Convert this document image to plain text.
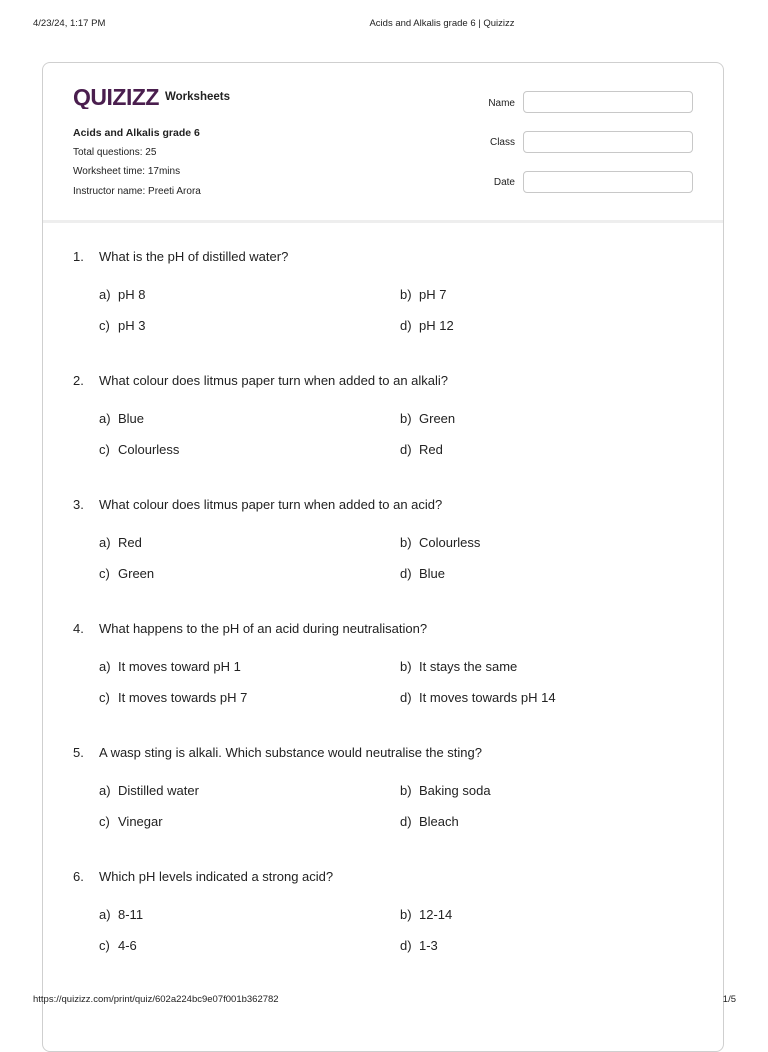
4/23/24, 1:17 PM	Acids and Alkalis grade 6 | Quizizz
QUIZIZZ Worksheets
Acids and Alkalis grade 6
Total questions: 25
Worksheet time: 17mins
Instructor name: Preeti Arora
Name
Class
Date
1. What is the pH of distilled water?
a) pH 8	b) pH 7
c) pH 3	d) pH 12
2. What colour does litmus paper turn when added to an alkali?
a) Blue	b) Green
c) Colourless	d) Red
3. What colour does litmus paper turn when added to an acid?
a) Red	b) Colourless
c) Green	d) Blue
4. What happens to the pH of an acid during neutralisation?
a) It moves toward pH 1	b) It stays the same
c) It moves towards pH 7	d) It moves towards pH 14
5. A wasp sting is alkali. Which substance would neutralise the sting?
a) Distilled water	b) Baking soda
c) Vinegar	d) Bleach
6. Which pH levels indicated a strong acid?
a) 8-11	b) 12-14
c) 4-6	d) 1-3
https://quizizz.com/print/quiz/602a224bc9e07f001b362782	1/5
